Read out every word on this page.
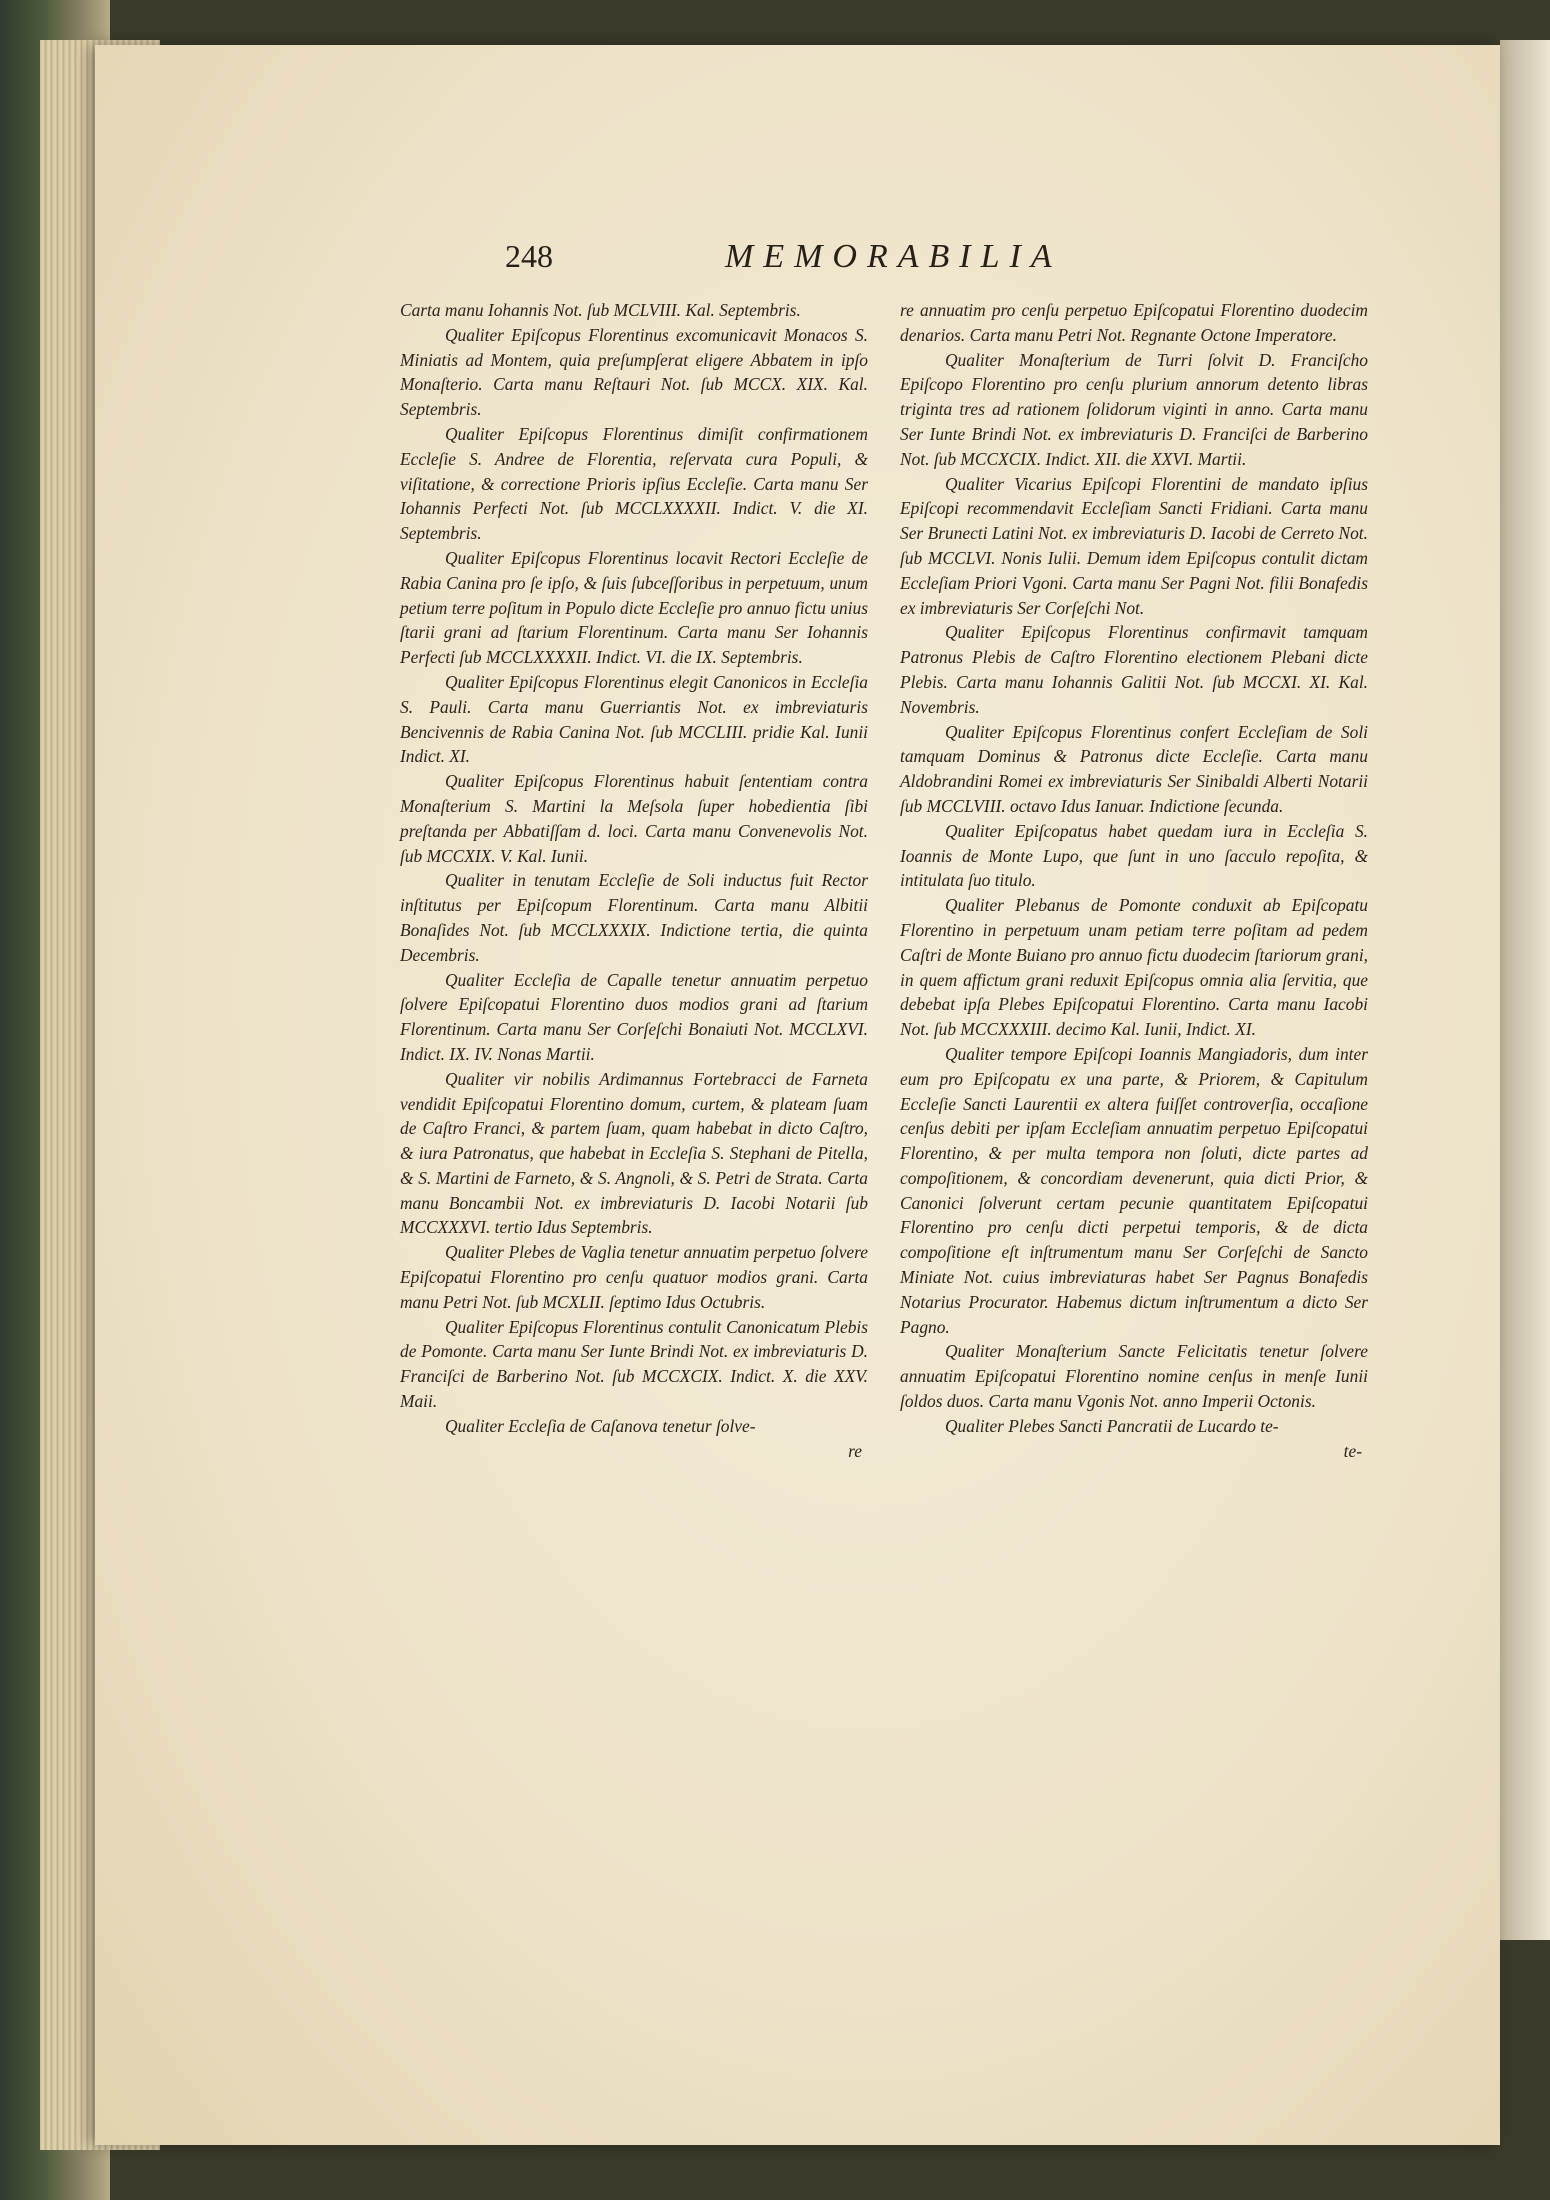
248	MEMORABILIA

Carta manu Iohannis Not. ſub MCLVIII. Kal. Septembris.

Qualiter Epiſcopus Florentinus excomunicavit Monacos S. Miniatis ad Montem, quia preſumpſerat eligere Abbatem in ipſo Monaſterio. Carta manu Reſtauri Not. ſub MCCX. XIX. Kal. Septembris.

Qualiter Epiſcopus Florentinus dimiſit confirmationem Eccleſie S. Andree de Florentia, reſervata cura Populi, & viſitatione, & correctione Prioris ipſius Eccleſie. Carta manu Ser Iohannis Perfecti Not. ſub MCCLXXXXII. Indict. V. die XI. Septembris.

Qualiter Epiſcopus Florentinus locavit Rectori Eccleſie de Rabia Canina pro ſe ipſo, & ſuis ſubceſſoribus in perpetuum, unum petium terre poſitum in Populo dicte Eccleſie pro annuo fictu unius ſtarii grani ad ſtarium Florentinum. Carta manu Ser Iohannis Perfecti ſub MCCLXXXXII. Indict. VI. die IX. Septembris.

Qualiter Epiſcopus Florentinus elegit Canonicos in Eccleſia S. Pauli. Carta manu Guerriantis Not. ex imbreviaturis Bencivennis de Rabia Canina Not. ſub MCCLIII. pridie Kal. Iunii Indict. XI.

Qualiter Epiſcopus Florentinus habuit ſententiam contra Monaſterium S. Martini la Meſsola ſuper hobedientia ſibi preſtanda per Abbatiſſam d. loci. Carta manu Convenevolis Not. ſub MCCXIX. V. Kal. Iunii.

Qualiter in tenutam Eccleſie de Soli inductus fuit Rector inſtitutus per Epiſcopum Florentinum. Carta manu Albitii Bonaſides Not. ſub MCCLXXXIX. Indictione tertia, die quinta Decembris.

Qualiter Eccleſia de Capalle tenetur annuatim perpetuo ſolvere Epiſcopatui Florentino duos modios grani ad ſtarium Florentinum. Carta manu Ser Corſeſchi Bonaiuti Not. MCCLXVI. Indict. IX. IV. Nonas Martii.

Qualiter vir nobilis Ardimannus Fortebracci de Farneta vendidit Epiſcopatui Florentino domum, curtem, & plateam ſuam de Caſtro Franci, & partem ſuam, quam habebat in dicto Caſtro, & iura Patronatus, que habebat in Eccleſia S. Stephani de Pitella, & S. Martini de Farneto, & S. Angnoli, & S. Petri de Strata. Carta manu Boncambii Not. ex imbreviaturis D. Iacobi Notarii ſub MCCXXXVI. tertio Idus Septembris.

Qualiter Plebes de Vaglia tenetur annuatim perpetuo ſolvere Epiſcopatui Florentino pro cenſu quatuor modios grani. Carta manu Petri Not. ſub MCXLII. ſeptimo Idus Octubris.

Qualiter Epiſcopus Florentinus contulit Canonicatum Plebis de Pomonte. Carta manu Ser Iunte Brindi Not. ex imbreviaturis D. Franciſci de Barberino Not. ſub MCCXCIX. Indict. X. die XXV. Maii.

Qualiter Eccleſia de Caſanova tenetur ſolve-

re

re annuatim pro cenſu perpetuo Epiſcopatui Florentino duodecim denarios. Carta manu Petri Not. Regnante Octone Imperatore.

Qualiter Monaſterium de Turri ſolvit D. Franciſcho Epiſcopo Florentino pro cenſu plurium annorum detento libras triginta tres ad rationem ſolidorum viginti in anno. Carta manu Ser Iunte Brindi Not. ex imbreviaturis D. Franciſci de Barberino Not. ſub MCCXCIX. Indict. XII. die XXVI. Martii.

Qualiter Vicarius Epiſcopi Florentini de mandato ipſius Epiſcopi recommendavit Eccleſiam Sancti Fridiani. Carta manu Ser Brunecti Latini Not. ex imbreviaturis D. Iacobi de Cerreto Not. ſub MCCLVI. Nonis Iulii. Demum idem Epiſcopus contulit dictam Eccleſiam Priori Vgoni. Carta manu Ser Pagni Not. filii Bonafedis ex imbreviaturis Ser Corſeſchi Not.

Qualiter Epiſcopus Florentinus confirmavit tamquam Patronus Plebis de Caſtro Florentino electionem Plebani dicte Plebis. Carta manu Iohannis Galitii Not. ſub MCCXI. XI. Kal. Novembris.

Qualiter Epiſcopus Florentinus confert Eccleſiam de Soli tamquam Dominus & Patronus dicte Eccleſie. Carta manu Aldobrandini Romei ex imbreviaturis Ser Sinibaldi Alberti Notarii ſub MCCLVIII. octavo Idus Ianuar. Indictione ſecunda.

Qualiter Epiſcopatus habet quedam iura in Eccleſia S. Ioannis de Monte Lupo, que ſunt in uno ſacculo repoſita, & intitulata ſuo titulo.

Qualiter Plebanus de Pomonte conduxit ab Epiſcopatu Florentino in perpetuum unam petiam terre poſitam ad pedem Caſtri de Monte Buiano pro annuo fictu duodecim ſtariorum grani, in quem affictum grani reduxit Epiſcopus omnia alia ſervitia, que debebat ipſa Plebes Epiſcopatui Florentino. Carta manu Iacobi Not. ſub MCCXXXIII. decimo Kal. Iunii, Indict. XI.

Qualiter tempore Epiſcopi Ioannis Mangiadoris, dum inter eum pro Epiſcopatu ex una parte, & Priorem, & Capitulum Eccleſie Sancti Laurentii ex altera fuiſſet controverſia, occaſione cenſus debiti per ipſam Eccleſiam annuatim perpetuo Epiſcopatui Florentino, & per multa tempora non ſoluti, dicte partes ad compoſitionem, & concordiam devenerunt, quia dicti Prior, & Canonici ſolverunt certam pecunie quantitatem Epiſcopatui Florentino pro cenſu dicti perpetui temporis, & de dicta compoſitione eſt inſtrumentum manu Ser Corſeſchi de Sancto Miniate Not. cuius imbreviaturas habet Ser Pagnus Bonafedis Notarius Procurator. Habemus dictum inſtrumentum a dicto Ser Pagno.

Qualiter Monaſterium Sancte Felicitatis tenetur ſolvere annuatim Epiſcopatui Florentino nomine cenſus in menſe Iunii ſoldos duos. Carta manu Vgonis Not. anno Imperii Octonis.

Qualiter Plebes Sancti Pancratii de Lucardo te-

te-
